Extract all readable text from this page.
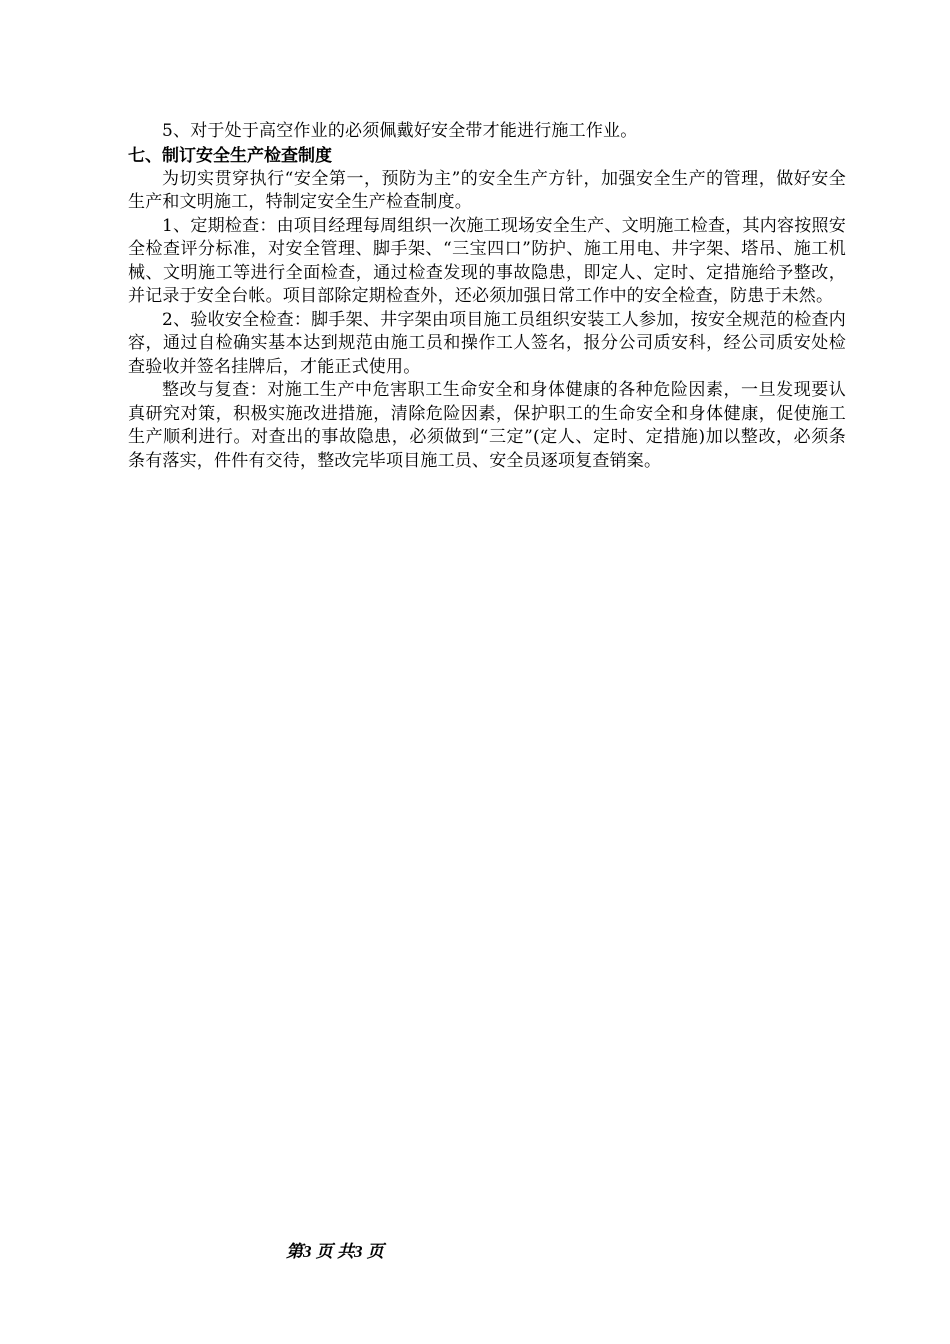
5、对于处于高空作业的必须佩戴好安全带才能进行施工作业。

七、制订安全生产检查制度

为切实贯穿执行“安全第一，预防为主”的安全生产方针，加强安全生产的管理，做好安全生产和文明施工，特制定安全生产检查制度。

1、定期检查：由项目经理每周组织一次施工现场安全生产、文明施工检查，其内容按照安全检查评分标准，对安全管理、脚手架、“三宝四口”防护、施工用电、井字架、塔吊、施工机械、文明施工等进行全面检查，通过检查发现的事故隐患，即定人、定时、定措施给予整改，并记录于安全台帐。项目部除定期检查外，还必须加强日常工作中的安全检查，防患于未然。

2、验收安全检查：脚手架、井字架由项目施工员组织安装工人参加，按安全规范的检查内容，通过自检确实基本达到规范由施工员和操作工人签名，报分公司质安科，经公司质安处检查验收并签名挂牌后，才能正式使用。

整改与复查：对施工生产中危害职工生命安全和身体健康的各种危险因素，一旦发现要认真研究对策，积极实施改进措施，清除危险因素，保护职工的生命安全和身体健康，促使施工生产顺利进行。对查出的事故隐患，必须做到“三定”(定人、定时、定措施)加以整改，必须条条有落实，件件有交待，整改完毕项目施工员、安全员逐项复查销案。

第3 页 共3 页
